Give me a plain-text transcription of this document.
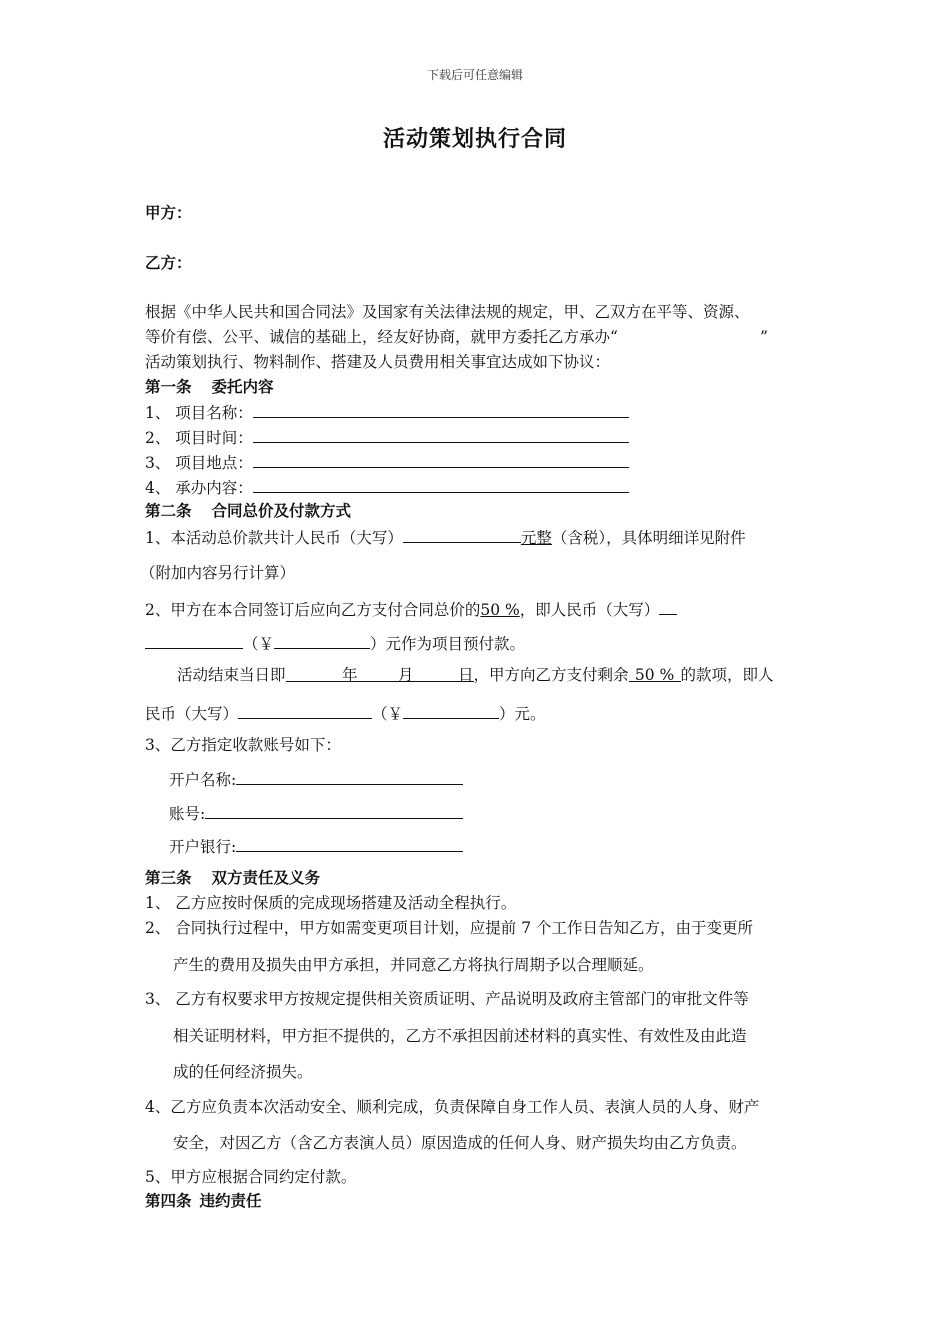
下载后可任意编辑
活动策划执行合同
甲方：
乙方：
根据《中华人民共和国合同法》及国家有关法律法规的规定，甲、乙双方在平等、资源、
等价有偿、公平、诚信的基础上，经友好协商，就甲方委托乙方承办“	”
活动策划执行、物料制作、搭建及人员费用相关事宜达成如下协议：
第一条 委托内容
1、 项目名称：
2、 项目时间：
3、 项目地点：
4、 承办内容：
第二条 合同总价及付款方式
1、本活动总价款共计人民币（大写）	元整（含税），具体明细详见附件
（附加内容另行计算）
2、甲方在本合同签订后应向乙方支付合同总价的50 %，即人民币（大写）
（￥	）元作为项目预付款。
活动结束当日即	年	月	日，甲方向乙方支付剩余 50 % 的款项，即人
民币（大写）	（￥	）元。
3、乙方指定收款账号如下：
开户名称:
账号:
开户银行:
第三条 双方责任及义务
1、 乙方应按时保质的完成现场搭建及活动全程执行。
2、 合同执行过程中，甲方如需变更项目计划，应提前 7 个工作日告知乙方，由于变更所
产生的费用及损失由甲方承担，并同意乙方将执行周期予以合理顺延。
3、 乙方有权要求甲方按规定提供相关资质证明、产品说明及政府主管部门的审批文件等
相关证明材料，甲方拒不提供的，乙方不承担因前述材料的真实性、有效性及由此造
成的任何经济损失。
4、乙方应负责本次活动安全、顺利完成，负责保障自身工作人员、表演人员的人身、财产
安全，对因乙方（含乙方表演人员）原因造成的任何人身、财产损失均由乙方负责。
5、甲方应根据合同约定付款。
第四条 违约责任
